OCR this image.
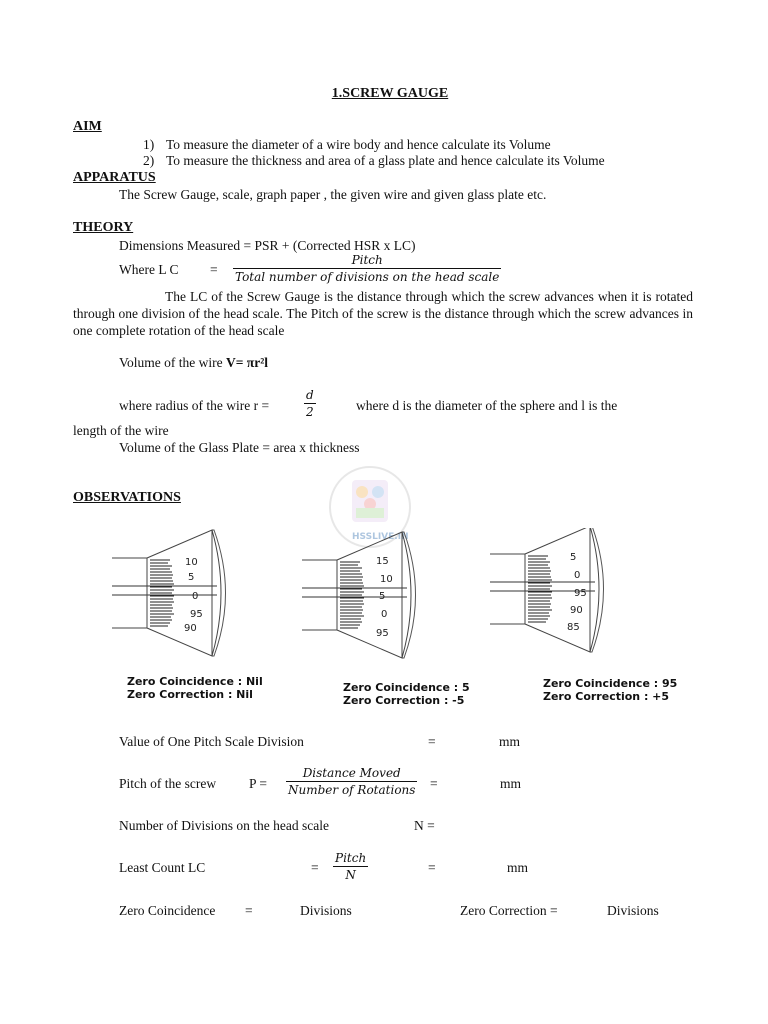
1.SCREW GAUGE
AIM
1) To measure the diameter of a wire body and hence calculate its Volume
2) To measure the thickness and area of a glass plate and hence calculate its Volume
APPARATUS
The Screw Gauge, scale, graph paper , the given wire and given glass plate etc.
THEORY
Dimensions Measured = PSR + (Corrected HSR x LC)
Where L C =
Pitch
Total number of divisions on the head scale
The LC of the Screw Gauge is the distance through which the screw advances when it is rotated through one division of the head scale. The Pitch of the screw is the distance through which the screw advances in one complete rotation of the head scale
Volume of the wire V= πr²l
where radius of the wire r =	$\frac{d}{2}$	where d is the diameter of the sphere and l is the
length of the wire
Volume of the Glass Plate = area x thickness
OBSERVATIONS
HSSLIVE.IN
10
5
0
95
90
15
10
5
0
95
5
0
95
90
85
Zero Coincidence : Nil
Zero Correction : Nil
Zero Coincidence : 5
Zero Correction : -5
Zero Coincidence : 95
Zero Correction : +5
Value of One Pitch Scale Division	=	mm
Pitch of the screw P =
Distance Moved
Number of Rotations =	mm
Number of Divisions on the head scale	N =
Least Count LC	=
Pitch
N	=	mm
Zero Coincidence =	Divisions	Zero Correction =	Divisions
